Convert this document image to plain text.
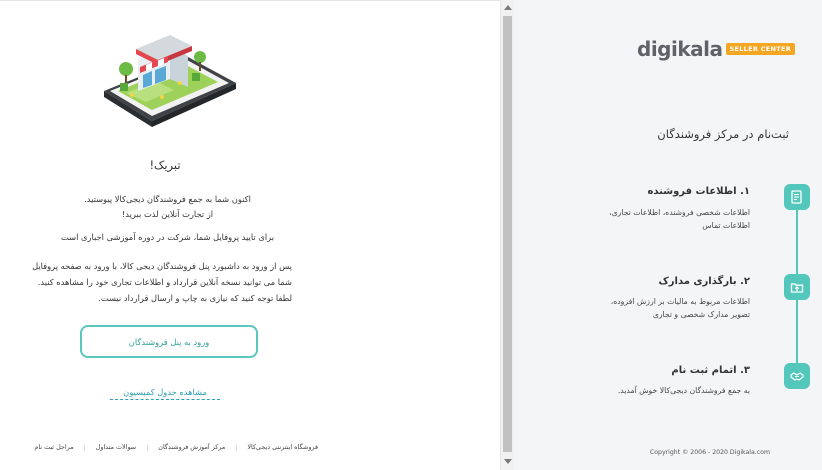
تبریک!
اکنون شما به جمع فروشندگان دیجی‌کالا پیوستید.
از تجارت آنلاین لذت ببرید!
برای تایید پروفایل شما، شرکت در دوره آموزشی اجباری است
پس از ورود به داشبورد پنل فروشندگان دیجی کالا، با ورود به صفحه پروفایل
شما می توانید نسخه آنلاین قرارداد و اطلاعات تجاری خود را مشاهده کنید.
لطفا توجه کنید که نیازی به چاپ و ارسال قرارداد نیست.
ورود به پنل فروشندگان
مشاهده جدول کمیسیون
فروشگاه اینترنتی دیجی‌کالا
|
مرکز آموزش فروشندگان
|
سوالات متداول
|
مراحل ثبت نام
digikala	SELLER CENTER
ثبت‌نام در مرکز فروشندگان
۱. اطلاعات فروشنده
اطلاعات شخصی فروشنده، اطلاعات تجاری،
اطلاعات تماس
۲. بارگذاری مدارک
اطلاعات مربوط به مالیات بر ارزش افزوده،
تصویر مدارک شخصی و تجاری
۳. اتمام ثبت نام
به جمع فروشندگان دیجی‌کالا خوش آمدید.
Copyright © 2006 - 2020 Digikala.com
